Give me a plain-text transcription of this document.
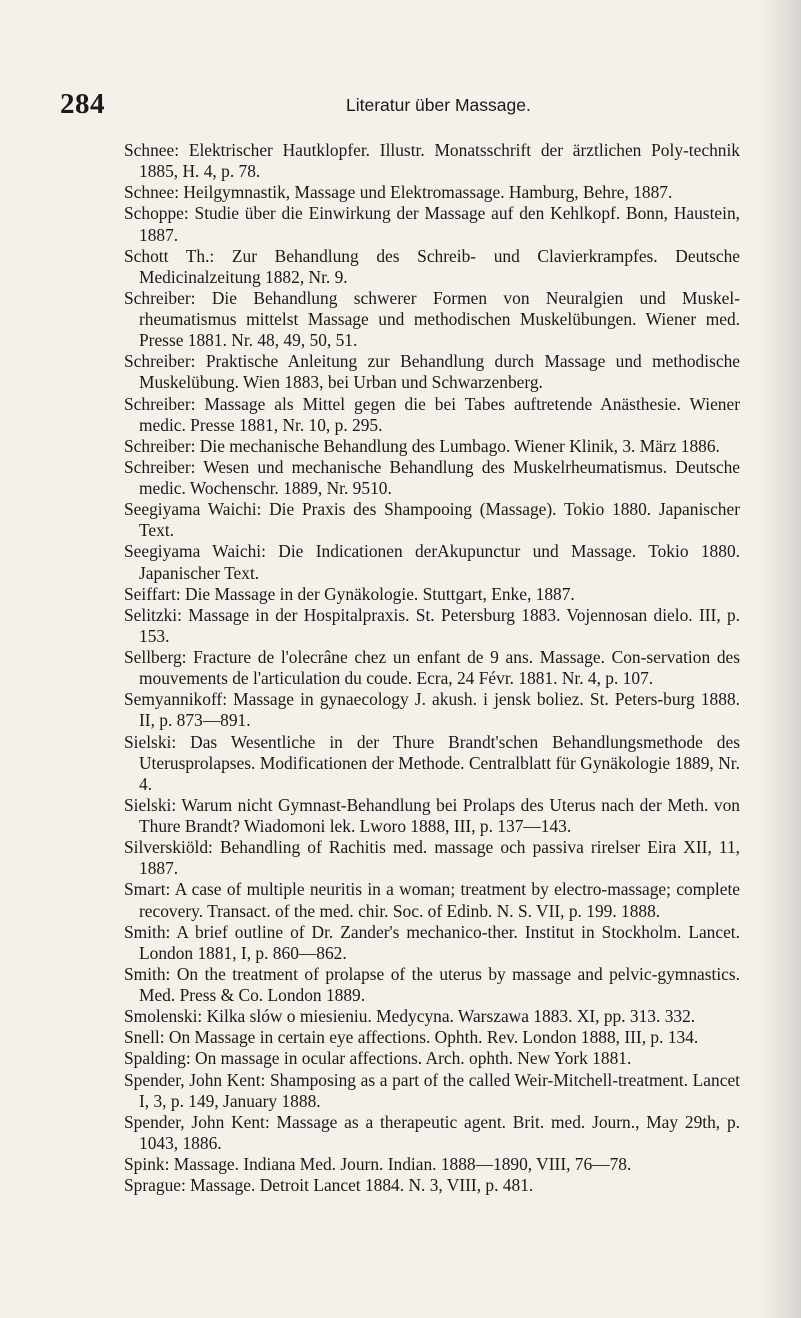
284	Literatur über Massage.
Schnee: Elektrischer Hautklopfer. Illustr. Monatsschrift der ärztlichen Poly-technik 1885, H. 4, p. 78.
Schnee: Heilgymnastik, Massage und Elektromassage. Hamburg, Behre, 1887.
Schoppe: Studie über die Einwirkung der Massage auf den Kehlkopf. Bonn, Haustein, 1887.
Schott Th.: Zur Behandlung des Schreib- und Clavierkrampfes. Deutsche Medicinalzeitung 1882, Nr. 9.
Schreiber: Die Behandlung schwerer Formen von Neuralgien und Muskel-rheumatismus mittelst Massage und methodischen Muskelübungen. Wiener med. Presse 1881. Nr. 48, 49, 50, 51.
Schreiber: Praktische Anleitung zur Behandlung durch Massage und methodische Muskelübung. Wien 1883, bei Urban und Schwarzenberg.
Schreiber: Massage als Mittel gegen die bei Tabes auftretende Anästhesie. Wiener medic. Presse 1881, Nr. 10, p. 295.
Schreiber: Die mechanische Behandlung des Lumbago. Wiener Klinik, 3. März 1886.
Schreiber: Wesen und mechanische Behandlung des Muskelrheumatismus. Deutsche medic. Wochenschr. 1889, Nr. 9510.
Seegiyama Waichi: Die Praxis des Shampooing (Massage). Tokio 1880. Japanischer Text.
Seegiyama Waichi: Die Indicationen derAkupunctur und Massage. Tokio 1880. Japanischer Text.
Seiffart: Die Massage in der Gynäkologie. Stuttgart, Enke, 1887.
Selitzki: Massage in der Hospitalpraxis. St. Petersburg 1883. Vojennosan dielo. III, p. 153.
Sellberg: Fracture de l'olecrâne chez un enfant de 9 ans. Massage. Con-servation des mouvements de l'articulation du coude. Ecra, 24 Févr. 1881. Nr. 4, p. 107.
Semyannikoff: Massage in gynaecology J. akush. i jensk boliez. St. Peters-burg 1888. II, p. 873—891.
Sielski: Das Wesentliche in der Thure Brandt'schen Behandlungsmethode des Uterusprolapses. Modificationen der Methode. Centralblatt für Gynäkologie 1889, Nr. 4.
Sielski: Warum nicht Gymnast-Behandlung bei Prolaps des Uterus nach der Meth. von Thure Brandt? Wiadomoni lek. Lworo 1888, III, p. 137—143.
Silverskiöld: Behandling of Rachitis med. massage och passiva rirelser Eira XII, 11, 1887.
Smart: A case of multiple neuritis in a woman; treatment by electro-massage; complete recovery. Transact. of the med. chir. Soc. of Edinb. N. S. VII, p. 199. 1888.
Smith: A brief outline of Dr. Zander's mechanico-ther. Institut in Stockholm. Lancet. London 1881, I, p. 860—862.
Smith: On the treatment of prolapse of the uterus by massage and pelvic-gymnastics. Med. Press & Co. London 1889.
Smolenski: Kilka slów o miesieniu. Medycyna. Warszawa 1883. XI, pp. 313. 332.
Snell: On Massage in certain eye affections. Ophth. Rev. London 1888, III, p. 134.
Spalding: On massage in ocular affections. Arch. ophth. New York 1881.
Spender, John Kent: Shamposing as a part of the called Weir-Mitchell-treatment. Lancet I, 3, p. 149, January 1888.
Spender, John Kent: Massage as a therapeutic agent. Brit. med. Journ., May 29th, p. 1043, 1886.
Spink: Massage. Indiana Med. Journ. Indian. 1888—1890, VIII, 76—78.
Sprague: Massage. Detroit Lancet 1884. N. 3, VIII, p. 481.
